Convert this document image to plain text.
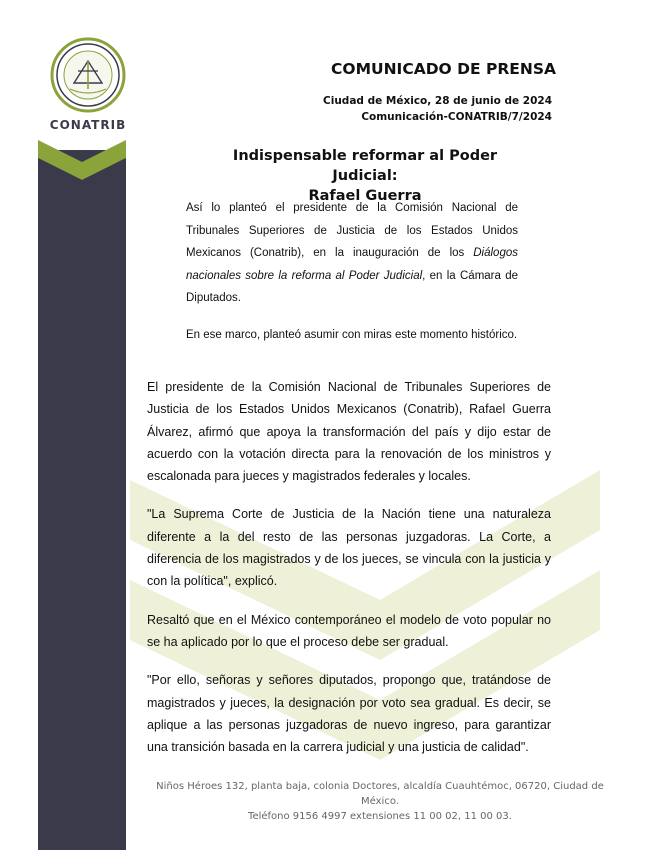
CONATRIB
COMUNICADO DE PRENSA
Ciudad de México, 28 de junio de 2024
Comunicación-CONATRIB/7/2024
Indispensable reformar al Poder Judicial:
Rafael Guerra

Así lo planteó el presidente de la Comisión Nacional de Tribunales Superiores de Justicia de los Estados Unidos Mexicanos (Conatrib), en la inauguración de los Diálogos nacionales sobre la reforma al Poder Judicial, en la Cámara de Diputados.

En ese marco, planteó asumir con miras este momento histórico.

El presidente de la Comisión Nacional de Tribunales Superiores de Justicia de los Estados Unidos Mexicanos (Conatrib), Rafael Guerra Álvarez, afirmó que apoya la transformación del país y dijo estar de acuerdo con la votación directa para la renovación de los ministros y escalonada para jueces y magistrados federales y locales.

"La Suprema Corte de Justicia de la Nación tiene una naturaleza diferente a la del resto de las personas juzgadoras. La Corte, a diferencia de los magistrados y de los jueces, se vincula con la justicia y con la política", explicó.

Resaltó que en el México contemporáneo el modelo de voto popular no se ha aplicado por lo que el proceso debe ser gradual.

"Por ello, señoras y señores diputados, propongo que, tratándose de magistrados y jueces, la designación por voto sea gradual. Es decir, se aplique a las personas juzgadoras de nuevo ingreso, para garantizar una transición basada en la carrera judicial y una justicia de calidad".

Niños Héroes 132, planta baja, colonia Doctores, alcaldía Cuauhtémoc, 06720, Ciudad de México.
Teléfono 9156 4997 extensiones 11 00 02, 11 00 03.
